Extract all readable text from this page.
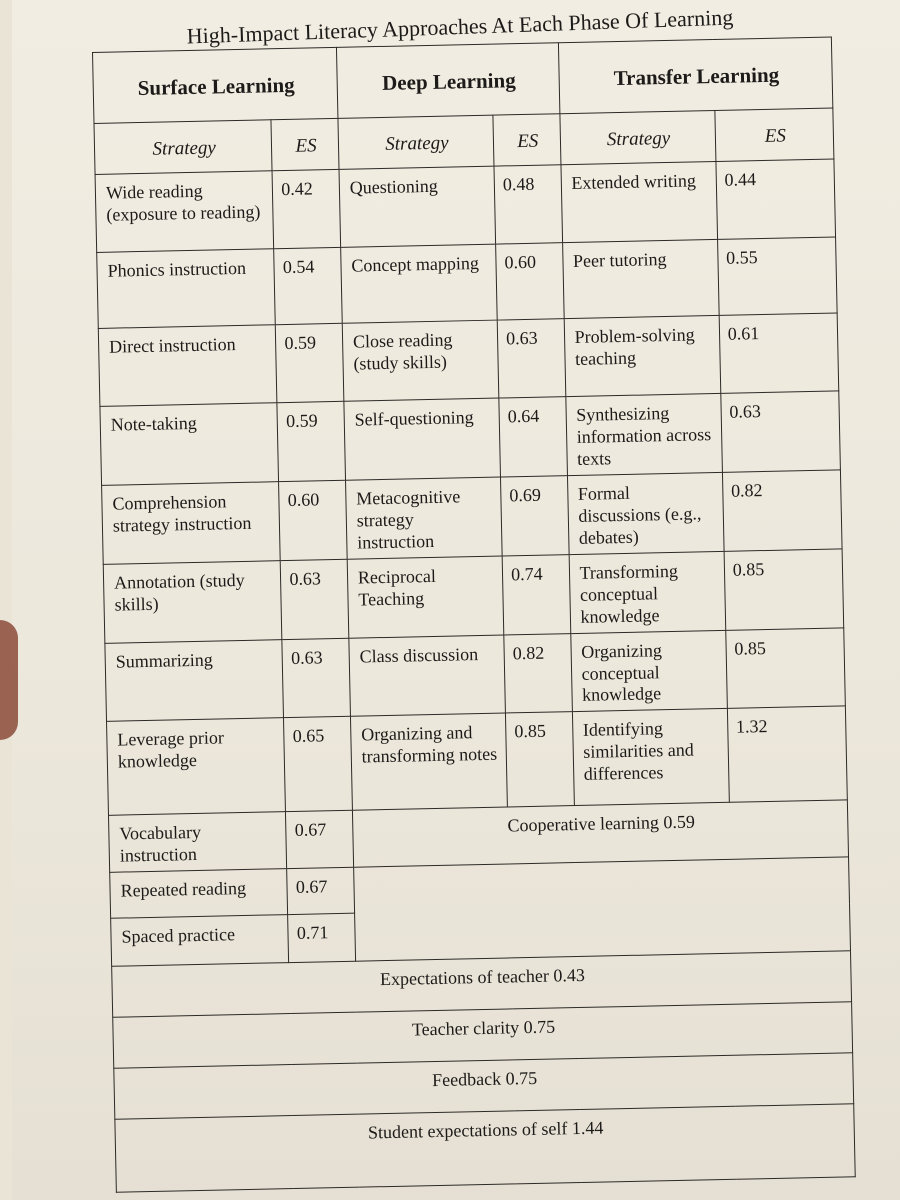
High-Impact Literacy Approaches At Each Phase Of Learning
Surface Learning		Deep Learning		Transfer Learning	
Strategy	ES	Strategy	ES	Strategy	ES
Wide reading (exposure to reading)	0.42	Questioning	0.48	Extended writing	0.44
Phonics instruction	0.54	Concept mapping	0.60	Peer tutoring	0.55
Direct instruction	0.59	Close reading (study skills)	0.63	Problem-solving teaching	0.61
Note-taking	0.59	Self-questioning	0.64	Synthesizing information across texts	0.63
Comprehension strategy instruction	0.60	Metacognitive strategy instruction	0.69	Formal discussions (e.g., debates)	0.82
Annotation (study skills)	0.63	Reciprocal Teaching	0.74	Transforming conceptual knowledge	0.85
Summarizing	0.63	Class discussion	0.82	Organizing conceptual knowledge	0.85
Leverage prior knowledge	0.65	Organizing and transforming notes	0.85	Identifying similarities and differences	1.32
Vocabulary instruction	0.67	Cooperative learning 0.59			
Repeated reading	0.67				
Spaced practice	0.71				
Expectations of teacher 0.43					
Teacher clarity 0.75					
Feedback 0.75					
Student expectations of self 1.44					
